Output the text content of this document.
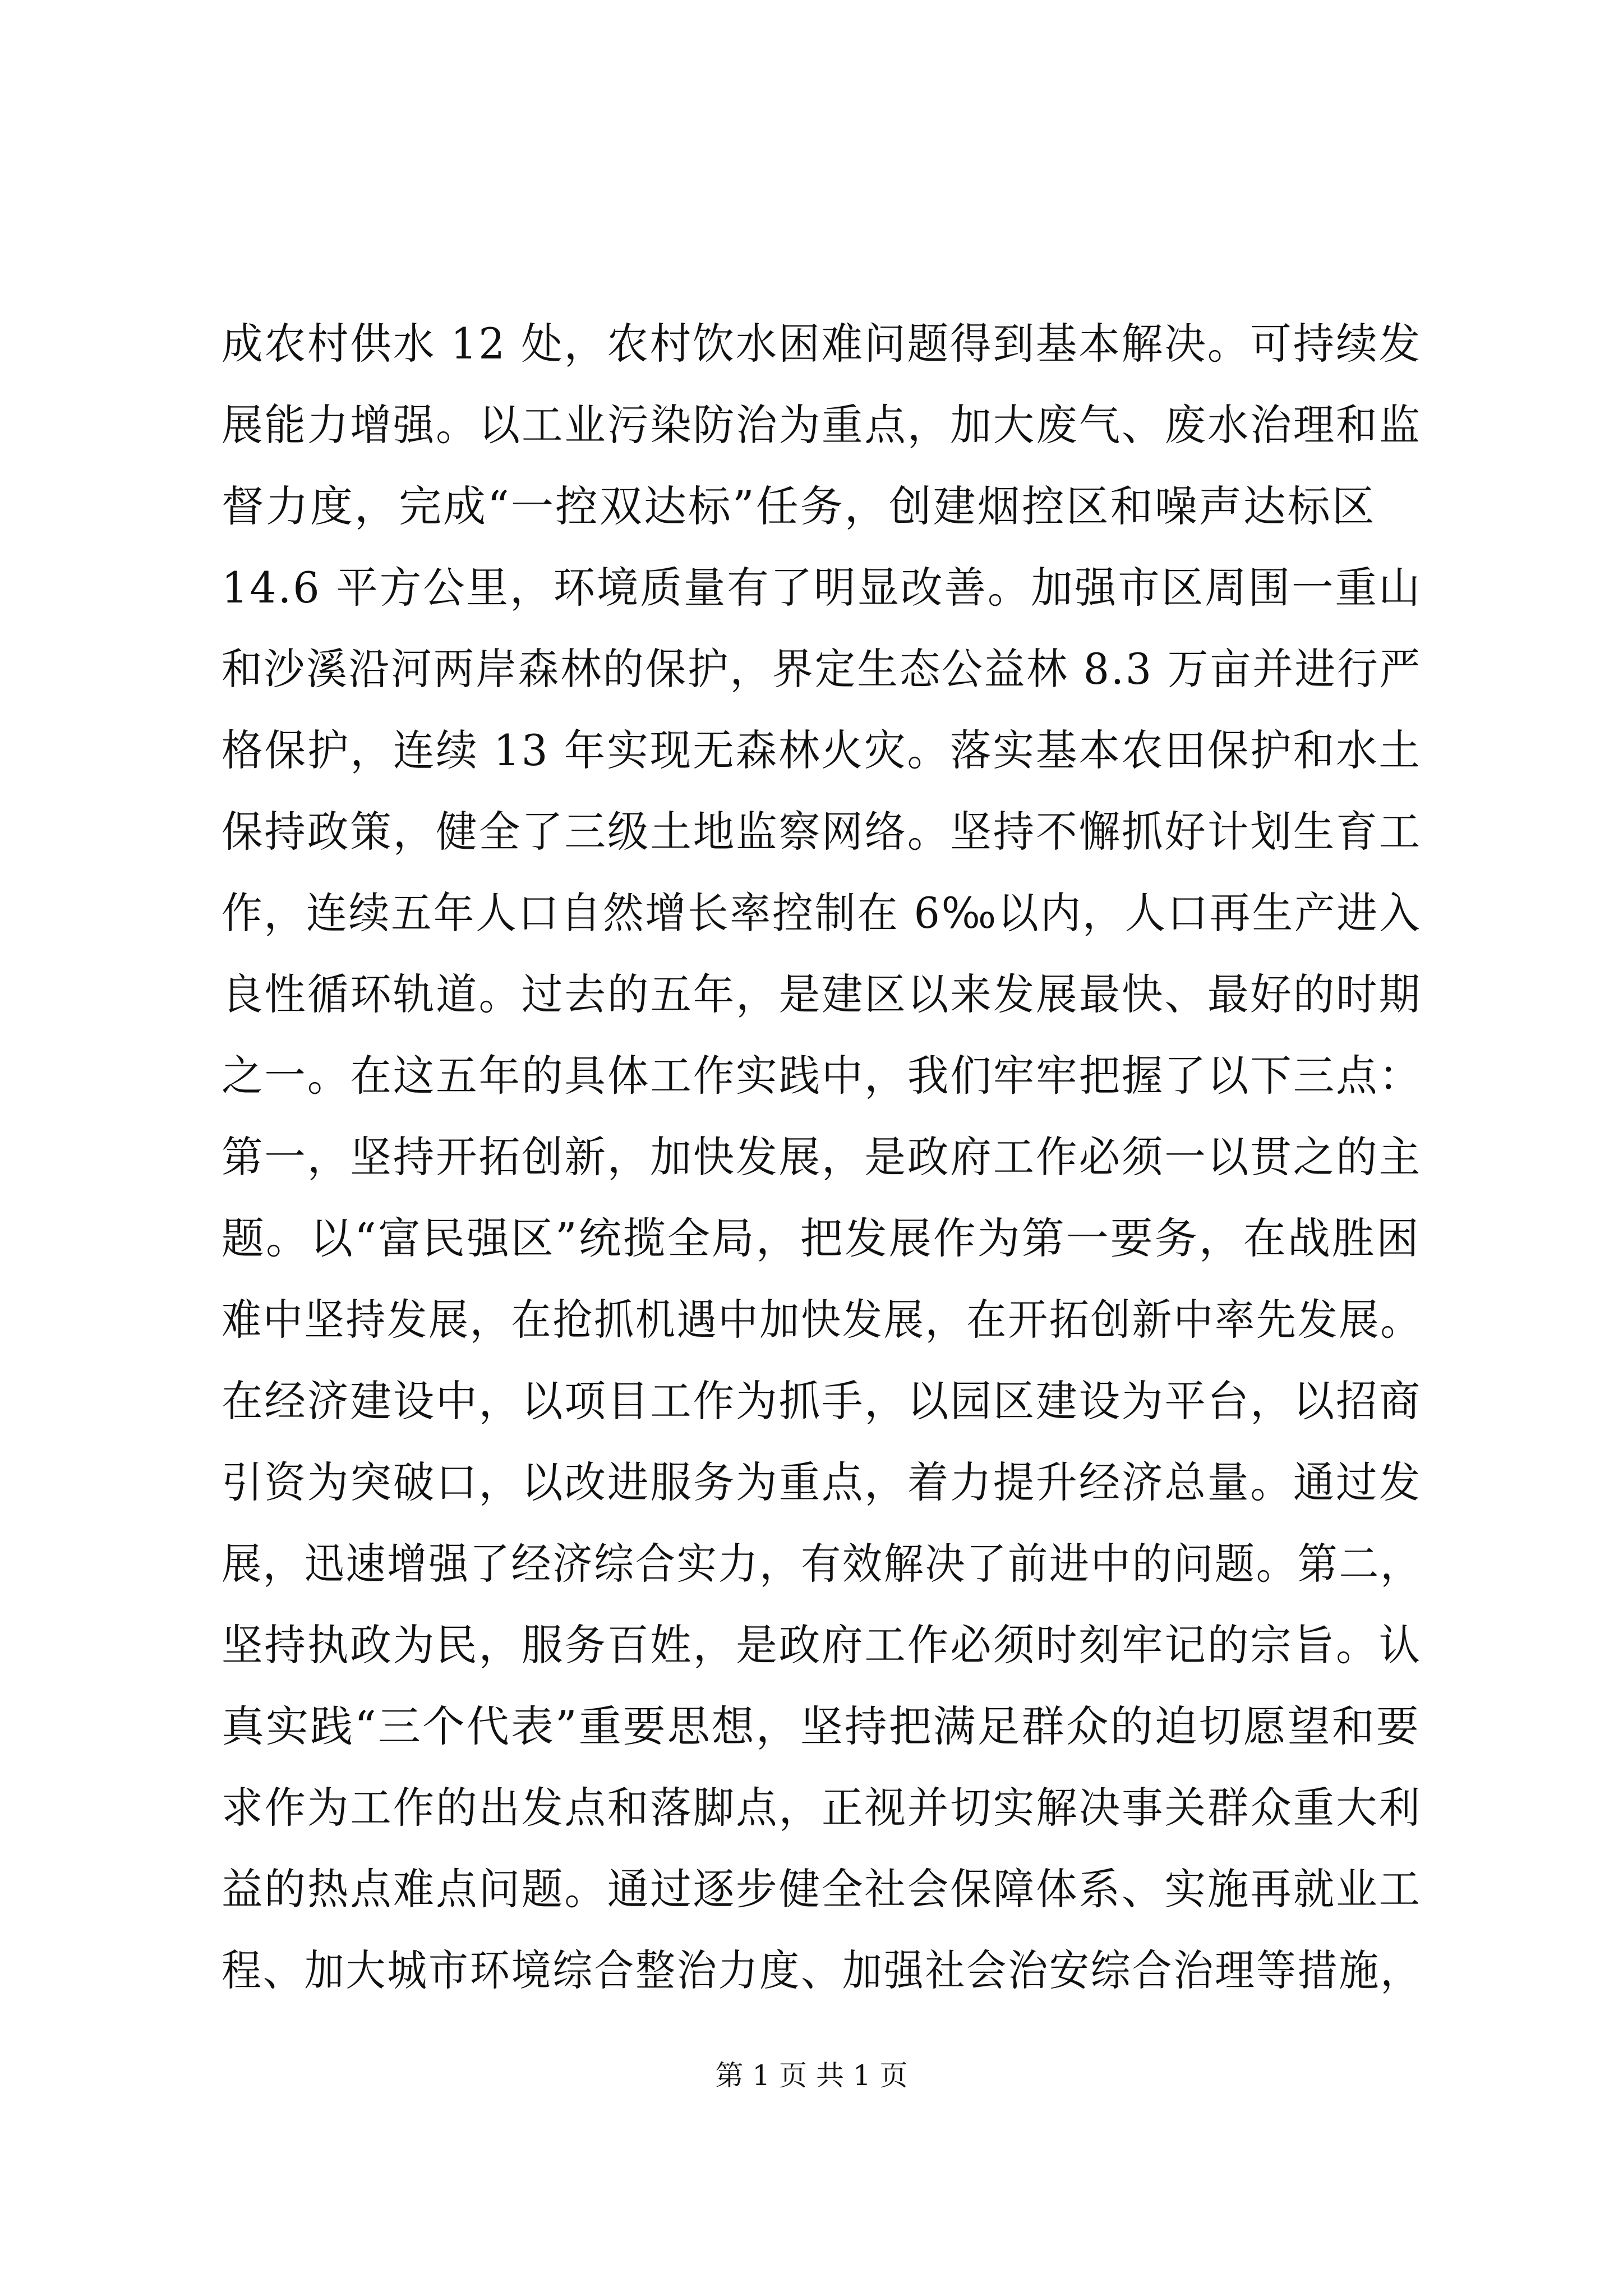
成农村供水 12 处，农村饮水困难问题得到基本解决。可持续发
展能力增强。以工业污染防治为重点，加大废气、废水治理和监
督力度，完成“一控双达标”任务，创建烟控区和噪声达标区
14.6 平方公里，环境质量有了明显改善。加强市区周围一重山
和沙溪沿河两岸森林的保护，界定生态公益林 8.3 万亩并进行严
格保护，连续 13 年实现无森林火灾。落实基本农田保护和水土
保持政策，健全了三级土地监察网络。坚持不懈抓好计划生育工
作，连续五年人口自然增长率控制在 6‰以内，人口再生产进入
良性循环轨道。过去的五年，是建区以来发展最快、最好的时期
之一。在这五年的具体工作实践中，我们牢牢把握了以下三点：
第一，坚持开拓创新，加快发展，是政府工作必须一以贯之的主
题。以“富民强区”统揽全局，把发展作为第一要务，在战胜困
难中坚持发展，在抢抓机遇中加快发展，在开拓创新中率先发展。
在经济建设中，以项目工作为抓手，以园区建设为平台，以招商
引资为突破口，以改进服务为重点，着力提升经济总量。通过发
展，迅速增强了经济综合实力，有效解决了前进中的问题。第二，
坚持执政为民，服务百姓，是政府工作必须时刻牢记的宗旨。认
真实践“三个代表”重要思想，坚持把满足群众的迫切愿望和要
求作为工作的出发点和落脚点，正视并切实解决事关群众重大利
益的热点难点问题。通过逐步健全社会保障体系、实施再就业工
程、加大城市环境综合整治力度、加强社会治安综合治理等措施，
第 1 页 共 1 页
